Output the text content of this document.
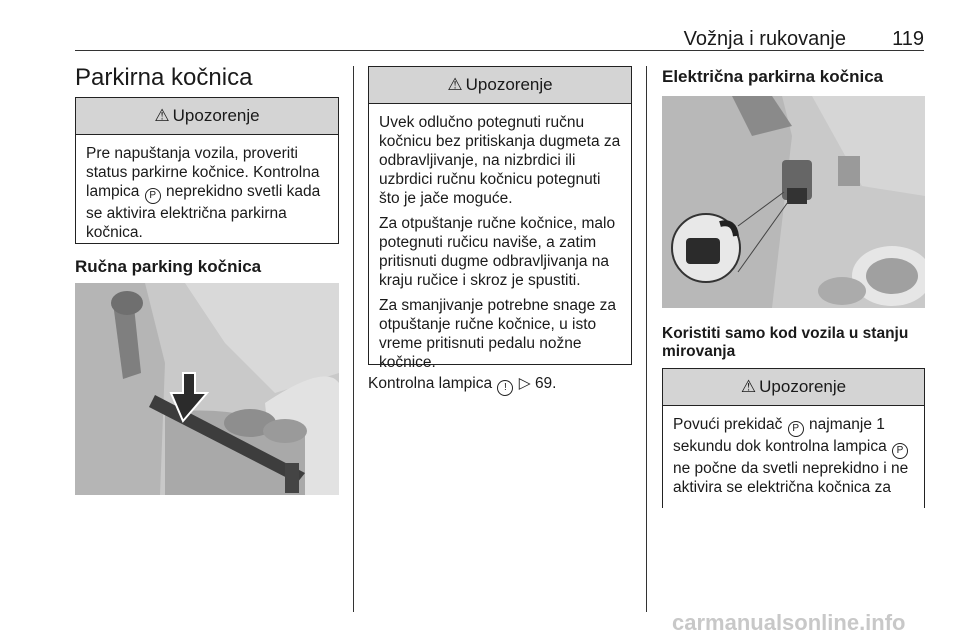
Vožnja i rukovanje 119
Parkirna kočnica
⚠ Upozorenje
Pre napuštanja vozila, proveriti status parkirne kočnice. Kontrolna lampica P neprekidno svetli kada se aktivira električna parkirna kočnica.
Ručna parking kočnica
⚠ Upozorenje

Uvek odlučno potegnuti ručnu kočnicu bez pritiskanja dugmeta za odbravljivanje, na nizbrdici ili uzbrdici ručnu kočnicu potegnuti što je jače moguće.

Za otpuštanje ručne kočnice, malo potegnuti ručicu naviše, a zatim pritisnuti dugme odbravljivanja na kraju ručice i skroz je spustiti.

Za smanjivanje potrebne snage za otpuštanje ručne kočnice, u isto vreme pritisnuti pedalu nožne kočnice.

Kontrolna lampica ! ▷ 69.
Električna parkirna kočnica
Koristiti samo kod vozila u stanju mirovanja
⚠ Upozorenje
Povući prekidač P najmanje 1 sekundu dok kontrolna lampica P ne počne da svetli neprekidno i ne aktivira se električna kočnica za
carmanualsonline.info
